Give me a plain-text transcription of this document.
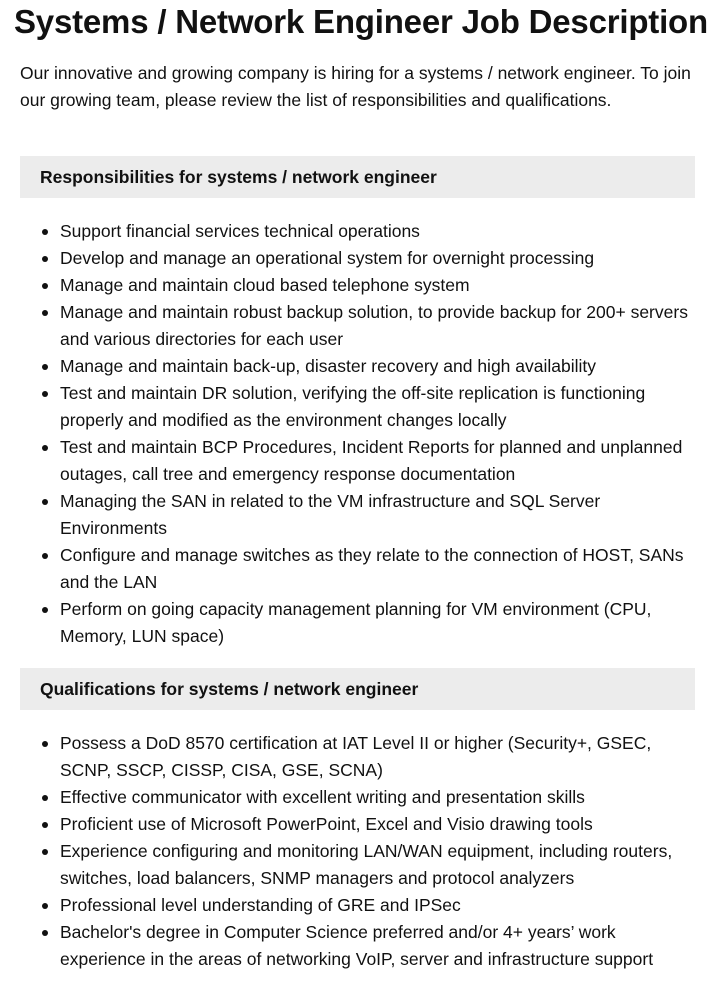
Systems / Network Engineer Job Description

Our innovative and growing company is hiring for a systems / network engineer. To join our growing team, please review the list of responsibilities and qualifications.

Responsibilities for systems / network engineer
Support financial services technical operations
Develop and manage an operational system for overnight processing
Manage and maintain cloud based telephone system
Manage and maintain robust backup solution, to provide backup for 200+ servers and various directories for each user
Manage and maintain back-up, disaster recovery and high availability
Test and maintain DR solution, verifying the off-site replication is functioning properly and modified as the environment changes locally
Test and maintain BCP Procedures, Incident Reports for planned and unplanned outages, call tree and emergency response documentation
Managing the SAN in related to the VM infrastructure and SQL Server Environments
Configure and manage switches as they relate to the connection of HOST, SANs and the LAN
Perform on going capacity management planning for VM environment (CPU, Memory, LUN space)
Qualifications for systems / network engineer
Possess a DoD 8570 certification at IAT Level II or higher (Security+, GSEC, SCNP, SSCP, CISSP, CISA, GSE, SCNA)
Effective communicator with excellent writing and presentation skills
Proficient use of Microsoft PowerPoint, Excel and Visio drawing tools
Experience configuring and monitoring LAN/WAN equipment, including routers, switches, load balancers, SNMP managers and protocol analyzers
Professional level understanding of GRE and IPSec
Bachelor's degree in Computer Science preferred and/or 4+ years’ work experience in the areas of networking VoIP, server and infrastructure support
